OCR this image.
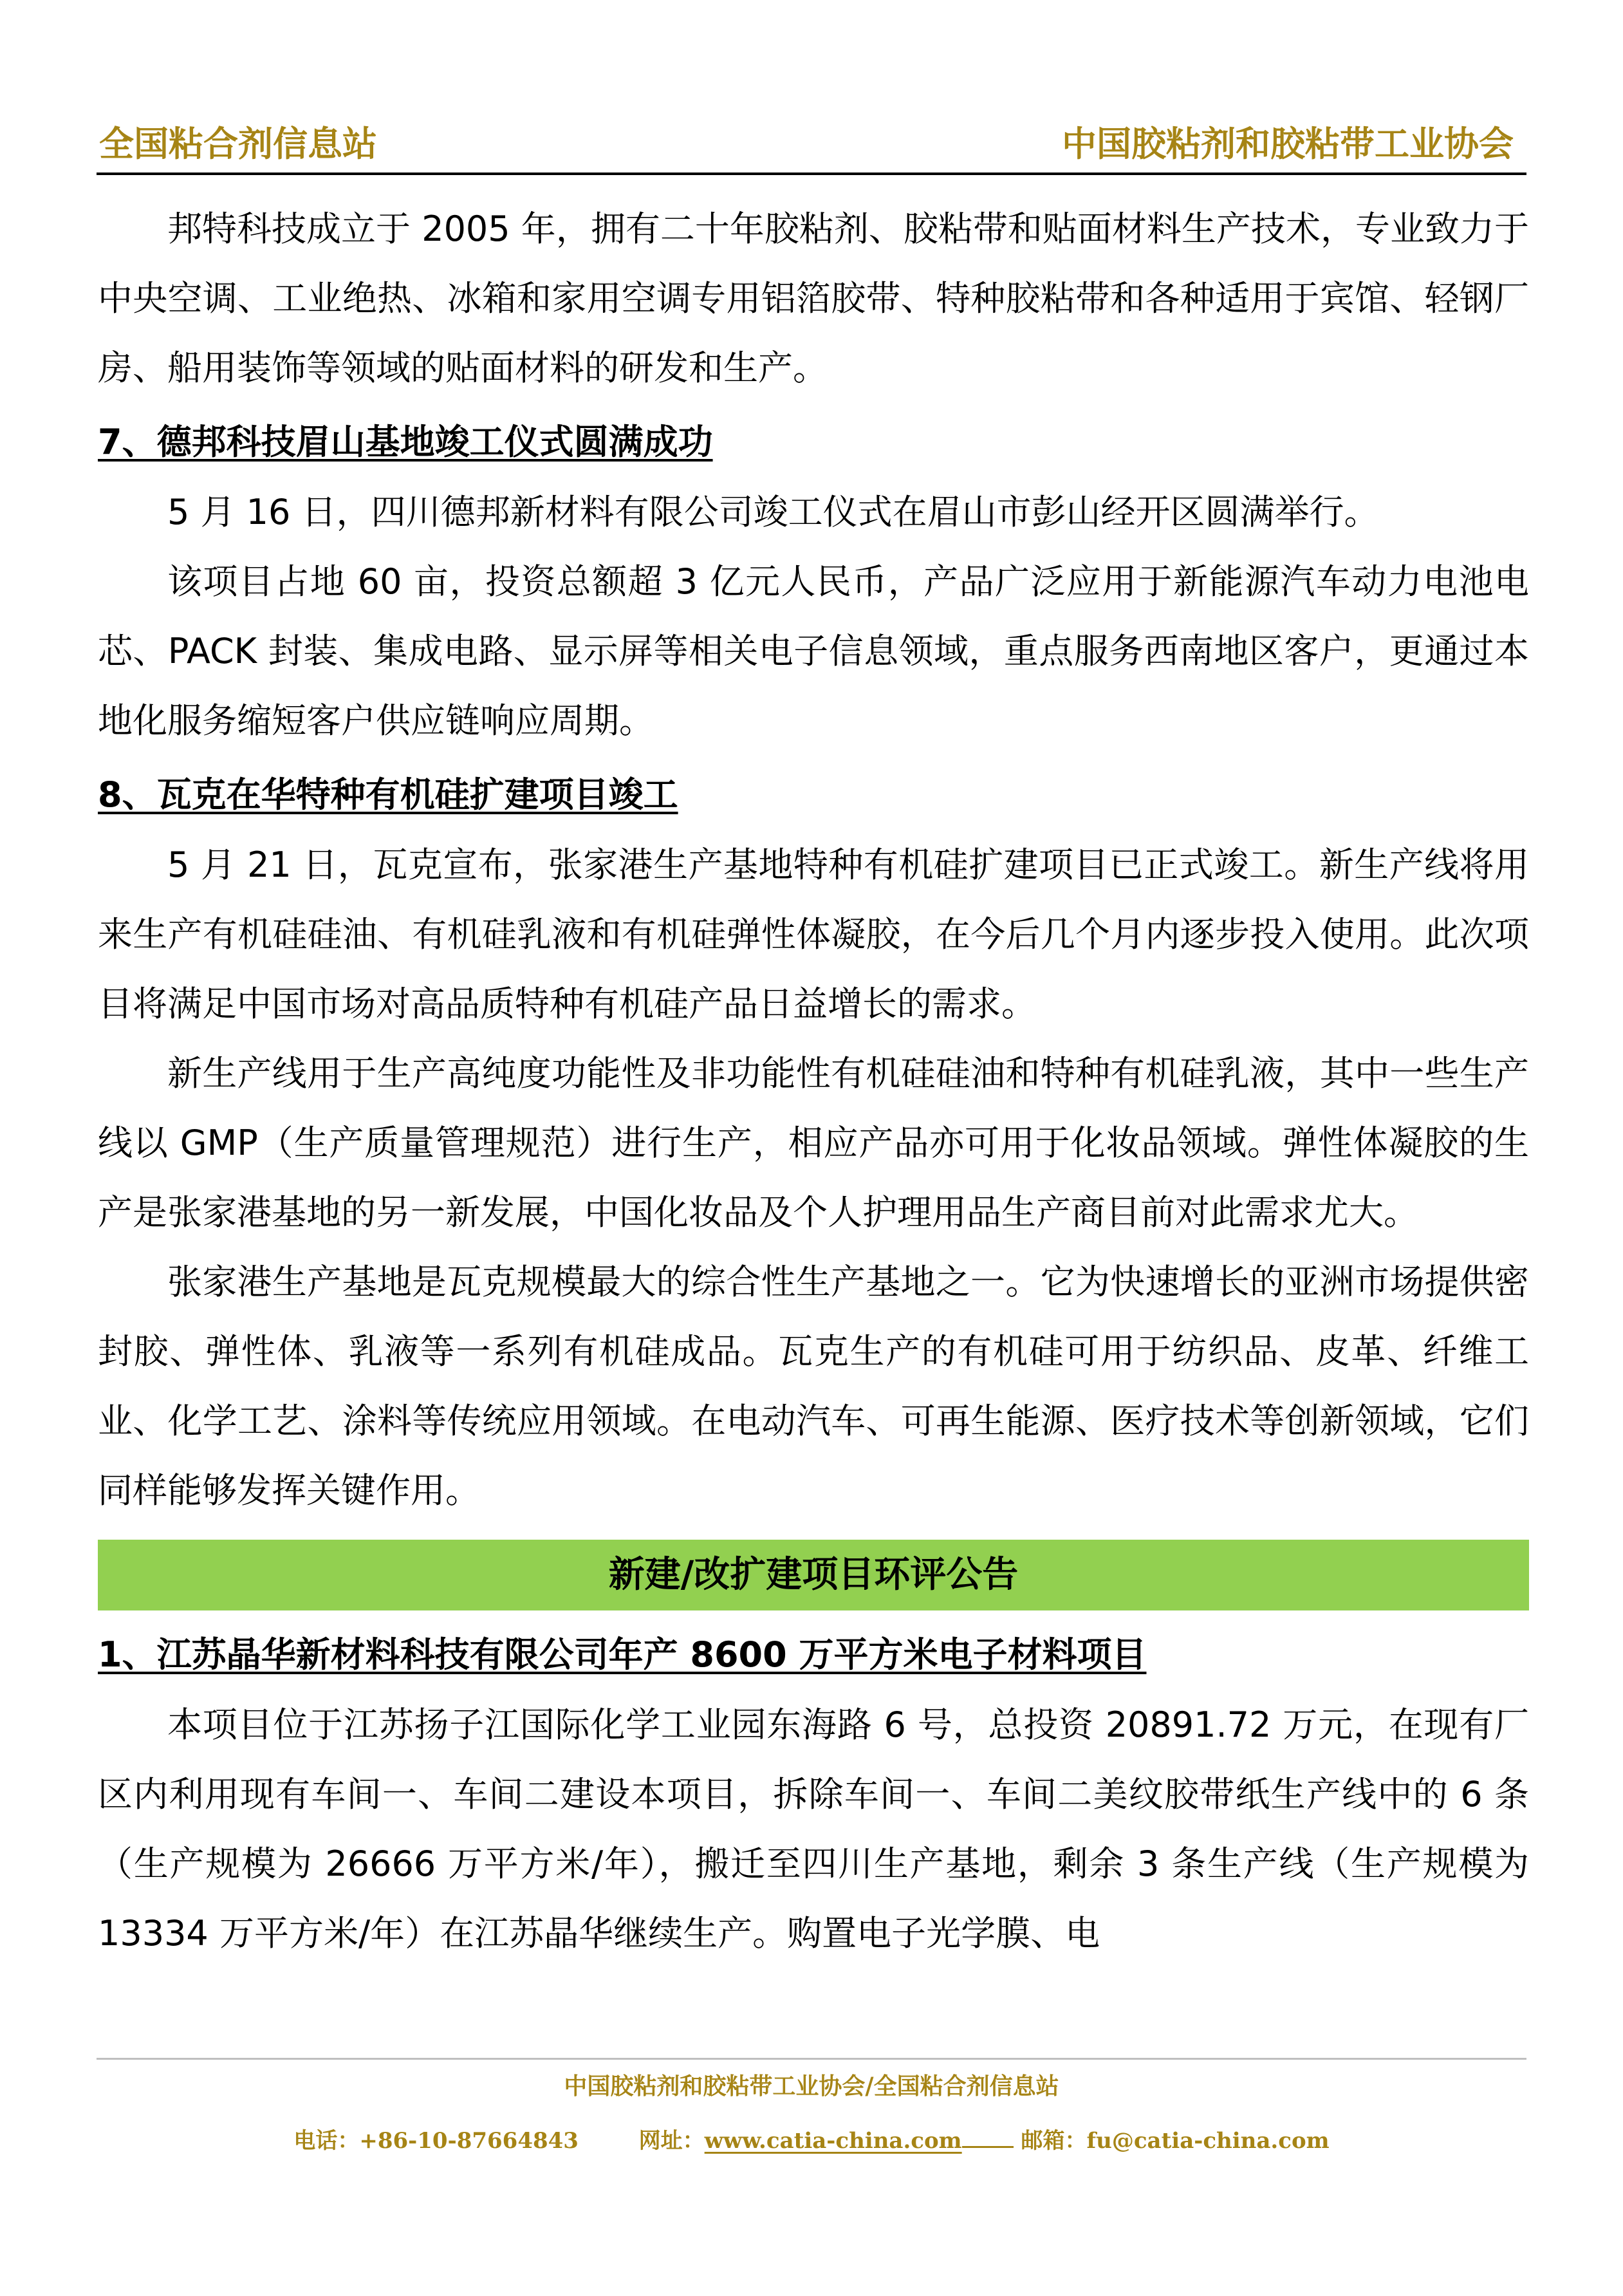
全国粘合剂信息站	中国胶粘剂和胶粘带工业协会

邦特科技成立于 2005 年，拥有二十年胶粘剂、胶粘带和贴面材料生产技术，专业致力于中央空调、工业绝热、冰箱和家用空调专用铝箔胶带、特种胶粘带和各种适用于宾馆、轻钢厂房、船用装饰等领域的贴面材料的研发和生产。

7、德邦科技眉山基地竣工仪式圆满成功

5 月 16 日，四川德邦新材料有限公司竣工仪式在眉山市彭山经开区圆满举行。

该项目占地 60 亩，投资总额超 3 亿元人民币，产品广泛应用于新能源汽车动力电池电芯、PACK 封装、集成电路、显示屏等相关电子信息领域，重点服务西南地区客户，更通过本地化服务缩短客户供应链响应周期。

8、瓦克在华特种有机硅扩建项目竣工

5 月 21 日，瓦克宣布，张家港生产基地特种有机硅扩建项目已正式竣工。新生产线将用来生产有机硅硅油、有机硅乳液和有机硅弹性体凝胶，在今后几个月内逐步投入使用。此次项目将满足中国市场对高品质特种有机硅产品日益增长的需求。

新生产线用于生产高纯度功能性及非功能性有机硅硅油和特种有机硅乳液，其中一些生产线以 GMP（生产质量管理规范）进行生产，相应产品亦可用于化妆品领域。弹性体凝胶的生产是张家港基地的另一新发展，中国化妆品及个人护理用品生产商目前对此需求尤大。

张家港生产基地是瓦克规模最大的综合性生产基地之一。它为快速增长的亚洲市场提供密封胶、弹性体、乳液等一系列有机硅成品。瓦克生产的有机硅可用于纺织品、皮革、纤维工业、化学工艺、涂料等传统应用领域。在电动汽车、可再生能源、医疗技术等创新领域，它们同样能够发挥关键作用。

新建/改扩建项目环评公告
1、江苏晶华新材料科技有限公司年产 8600 万平方米电子材料项目

本项目位于江苏扬子江国际化学工业园东海路 6 号，总投资 20891.72 万元，在现有厂区内利用现有车间一、车间二建设本项目，拆除车间一、车间二美纹胶带纸生产线中的 6 条（生产规模为 26666 万平方米/年），搬迁至四川生产基地，剩余 3 条生产线（生产规模为 13334 万平方米/年）在江苏晶华继续生产。购置电子光学膜、电

中国胶粘剂和胶粘带工业协会/全国粘合剂信息站
电话：+86-10-87664843	网址：www.catia-china.com	邮箱：fu@catia-china.com
